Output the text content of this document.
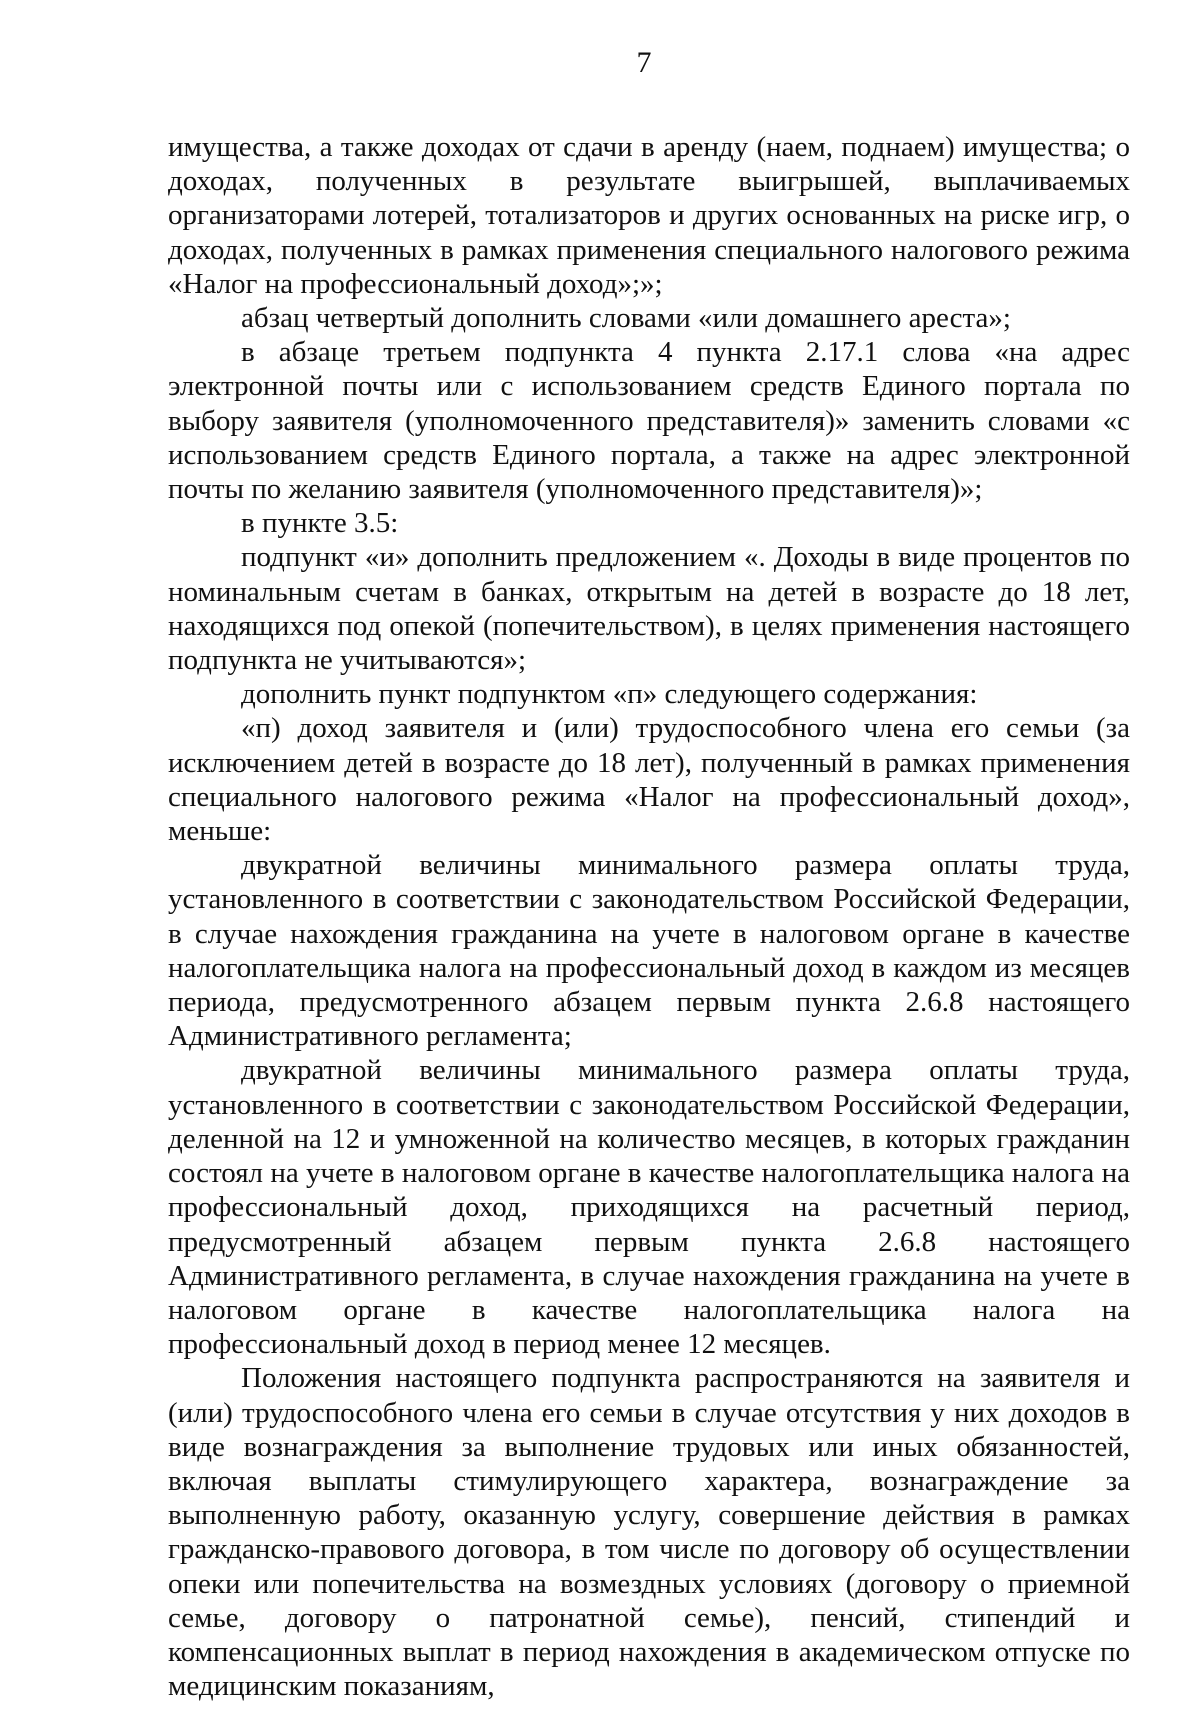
7

имущества, а также доходах от сдачи в аренду (наем, поднаем) имущества; о доходах, полученных в результате выигрышей, выплачиваемых организаторами лотерей, тотализаторов и других основанных на риске игр, о доходах, полученных в рамках применения специального налогового режима «Налог на профессиональный доход»;»;

абзац четвертый дополнить словами «или домашнего ареста»;

в абзаце третьем подпункта 4 пункта 2.17.1 слова «на адрес электронной почты или с использованием средств Единого портала по выбору заявителя (уполномоченного представителя)» заменить словами «с использованием средств Единого портала, а также на адрес электронной почты по желанию заявителя (уполномоченного представителя)»;

в пункте 3.5:

подпункт «и» дополнить предложением «. Доходы в виде процентов по номинальным счетам в банках, открытым на детей в возрасте до 18 лет, находящихся под опекой (попечительством), в целях применения настоящего подпункта не учитываются»;

дополнить пункт подпунктом «п» следующего содержания:

«п) доход заявителя и (или) трудоспособного члена его семьи (за исключением детей в возрасте до 18 лет), полученный в рамках применения специального налогового режима «Налог на профессиональный доход», меньше:

двукратной величины минимального размера оплаты труда, установленного в соответствии с законодательством Российской Федерации, в случае нахождения гражданина на учете в налоговом органе в качестве налогоплательщика налога на профессиональный доход в каждом из месяцев периода, предусмотренного абзацем первым пункта 2.6.8 настоящего Административного регламента;

двукратной величины минимального размера оплаты труда, установленного в соответствии с законодательством Российской Федерации, деленной на 12 и умноженной на количество месяцев, в которых гражданин состоял на учете в налоговом органе в качестве налогоплательщика налога на профессиональный доход, приходящихся на расчетный период, предусмотренный абзацем первым пункта 2.6.8 настоящего Административного регламента, в случае нахождения гражданина на учете в налоговом органе в качестве налогоплательщика налога на профессиональный доход в период менее 12 месяцев.

Положения настоящего подпункта распространяются на заявителя и (или) трудоспособного члена его семьи в случае отсутствия у них доходов в виде вознаграждения за выполнение трудовых или иных обязанностей, включая выплаты стимулирующего характера, вознаграждение за выполненную работу, оказанную услугу, совершение действия в рамках гражданско-правового договора, в том числе по договору об осуществлении опеки или попечительства на возмездных условиях (договору о приемной семье, договору о патронатной семье), пенсий, стипендий и компенсационных выплат в период нахождения в академическом отпуске по медицинским показаниям,
